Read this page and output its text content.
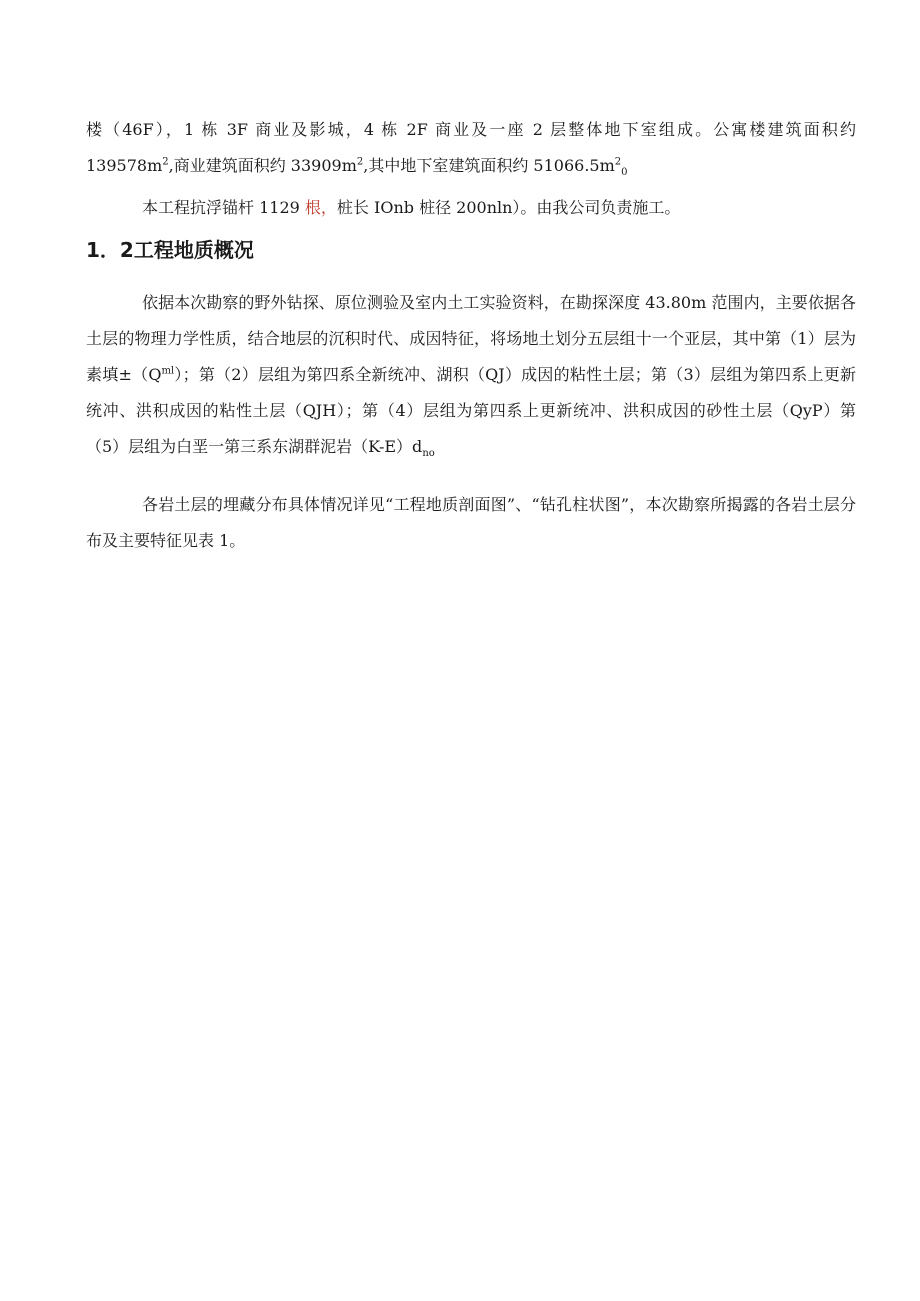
楼（46F），1 栋 3F 商业及影城，4 栋 2F 商业及一座 2 层整体地下室组成。公寓楼建筑面积约 $139578m^2$,商业建筑面积约 $33909m^2$,其中地下室建筑面积约 $51066.5m^2_0$

本工程抗浮锚杆 1129 根，桩长 IOnb 桩径 200nln）。由我公司负责施工。

1．2工程地质概况

依据本次勘察的野外钻探、原位测验及室内土工实验资料，在勘探深度 43.80m 范围内，主要依据各土层的物理力学性质，结合地层的沉积时代、成因特征，将场地土划分五层组十一个亚层，其中第（1）层为素填$\pm(Q^{ml})$；第（2）层组为第四系全新统冲、湖积（QJ）成因的粘性土层；第（3）层组为第四系上更新统冲、洪积成因的粘性土层（QJH）；第（4）层组为第四系上更新统冲、洪积成因的砂性土层（QyP）第（5）层组为白垩一第三系东湖群泥岩$(K-E)d_{no}$

各岩土层的埋藏分布具体情况详见“工程地质剖面图”、“钻孔柱状图”，本次勘察所揭露的各岩土层分布及主要特征见表 1。
